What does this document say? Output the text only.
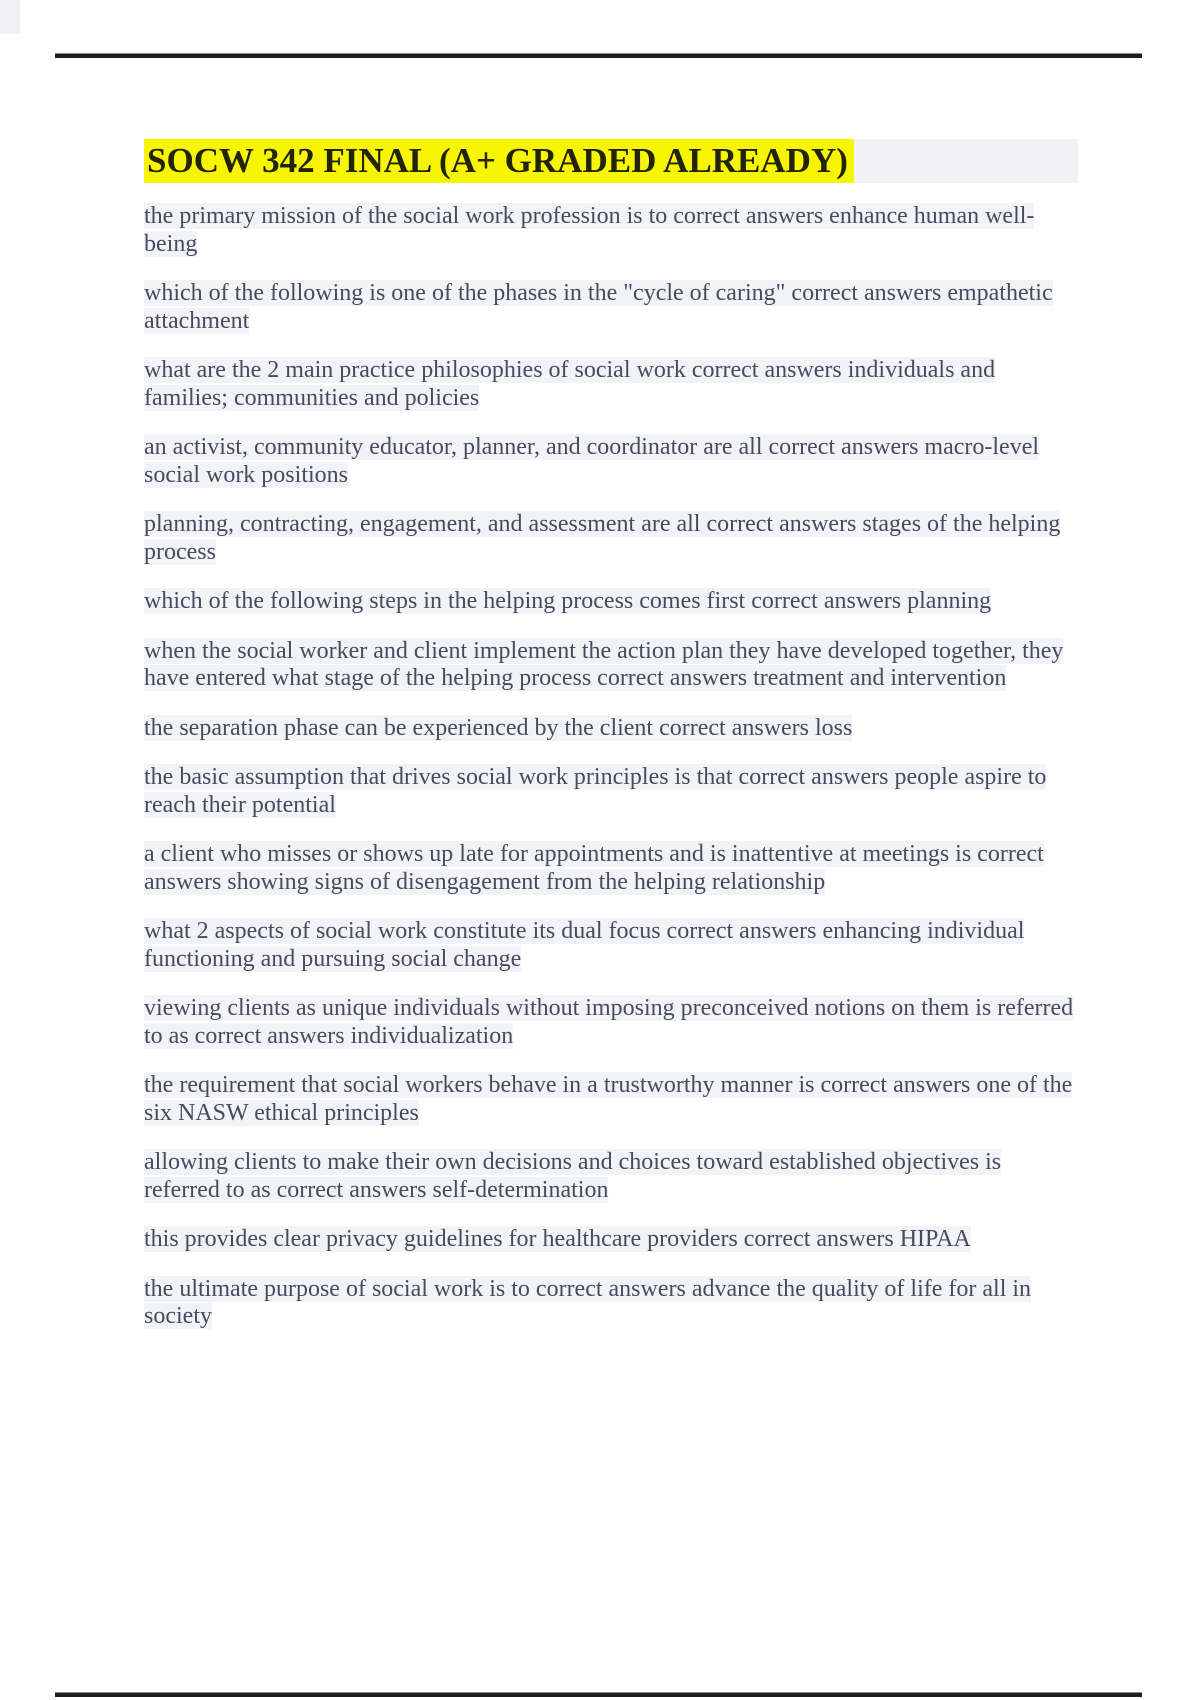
SOCW 342 FINAL (A+ GRADED ALREADY)

the primary mission of the social work profession is to correct answers enhance human well-being

which of the following is one of the phases in the "cycle of caring" correct answers empathetic attachment

what are the 2 main practice philosophies of social work correct answers individuals and families; communities and policies

an activist, community educator, planner, and coordinator are all correct answers macro-level social work positions

planning, contracting, engagement, and assessment are all correct answers stages of the helping process

which of the following steps in the helping process comes first correct answers planning

when the social worker and client implement the action plan they have developed together, they have entered what stage of the helping process correct answers treatment and intervention

the separation phase can be experienced by the client correct answers loss

the basic assumption that drives social work principles is that correct answers people aspire to reach their potential

a client who misses or shows up late for appointments and is inattentive at meetings is correct answers showing signs of disengagement from the helping relationship

what 2 aspects of social work constitute its dual focus correct answers enhancing individual functioning and pursuing social change

viewing clients as unique individuals without imposing preconceived notions on them is referred to as correct answers individualization

the requirement that social workers behave in a trustworthy manner is correct answers one of the six NASW ethical principles

allowing clients to make their own decisions and choices toward established objectives is referred to as correct answers self-determination

this provides clear privacy guidelines for healthcare providers correct answers HIPAA

the ultimate purpose of social work is to correct answers advance the quality of life for all in society
